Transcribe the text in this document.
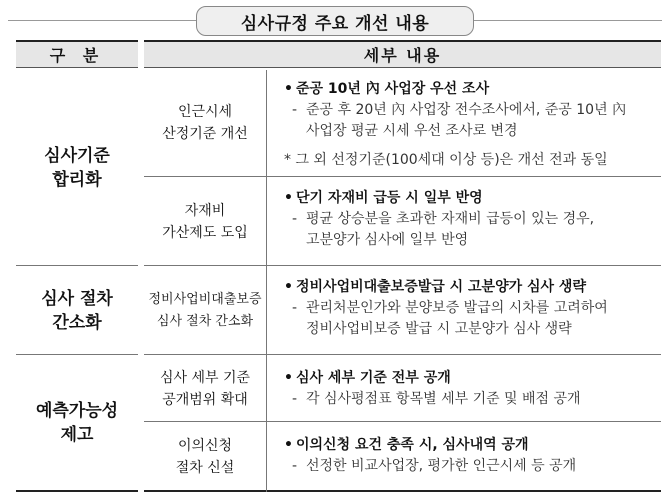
심사규정 주요 개선 내용
구 분	세부 내용
심사기준
합리화
인근시세
산정기준 개선
• 준공 10년 內 사업장 우선 조사
- 준공 후 20년 內 사업장 전수조사에서, 준공 10년 內
사업장 평균 시세 우선 조사로 변경
* 그 외 선정기준(100세대 이상 등)은 개선 전과 동일
자재비
가산제도 도입
• 단기 자재비 급등 시 일부 반영
- 평균 상승분을 초과한 자재비 급등이 있는 경우,
고분양가 심사에 일부 반영
심사 절차
간소화
정비사업비대출보증
심사 절차 간소화
• 정비사업비대출보증발급 시 고분양가 심사 생략
- 관리처분인가와 분양보증 발급의 시차를 고려하여
정비사업비보증 발급 시 고분양가 심사 생략
예측가능성
제고
심사 세부 기준
공개범위 확대
• 심사 세부 기준 전부 공개
- 각 심사평점표 항목별 세부 기준 및 배점 공개
이의신청
절차 신설
• 이의신청 요건 충족 시, 심사내역 공개
- 선정한 비교사업장, 평가한 인근시세 등 공개
